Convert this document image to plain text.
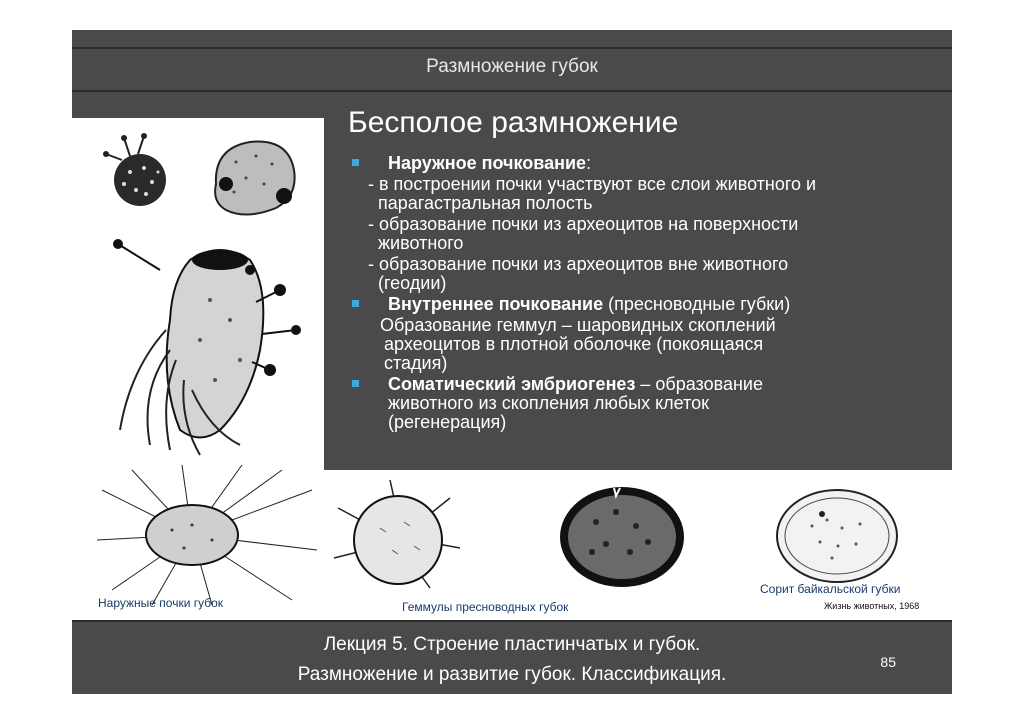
Размножение губок
Бесполое размножение
Наружное почкование:
- в построении почки участвуют все слои животного и
парагастральная полость
- образование почки из археоцитов на поверхности
животного
- образование почки из археоцитов вне животного
(геодии)
Внутреннее почкование (пресноводные губки)
Образование геммул – шаровидных скоплений
археоцитов в плотной оболочке (покоящаяся
стадия)
Соматический эмбриогенез – образование
животного из скопления любых клеток
(регенерация)
Наружные почки губок	Геммулы пресноводных губок
Сорит байкальской губки
Жизнь животных, 1968
Лекция 5. Строение пластинчатых и губок.
Размножение и развитие губок. Классификация.
85
